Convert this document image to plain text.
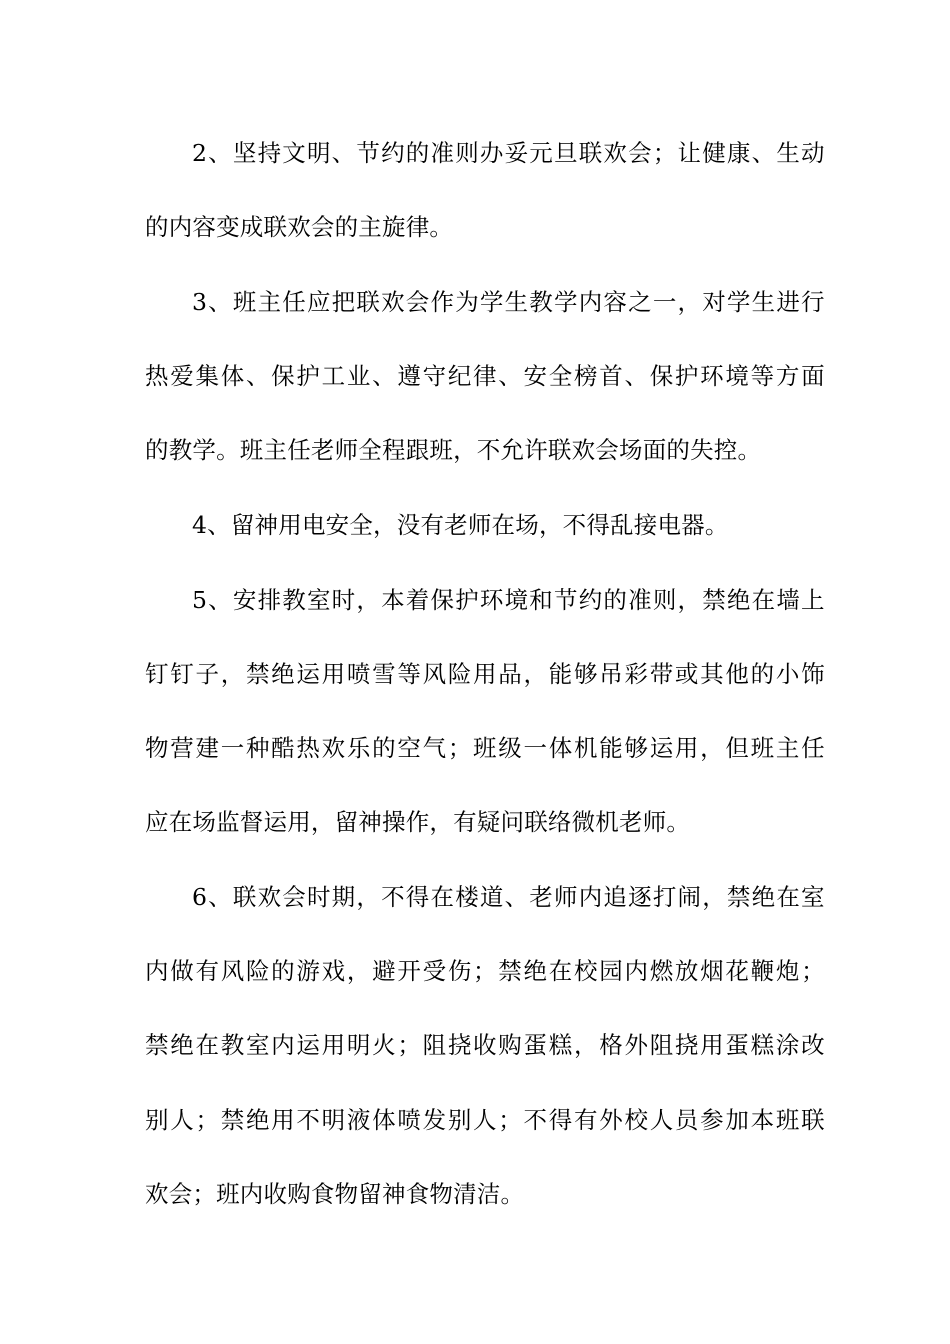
2 、 坚 持 文 明 、 节 约 的 准 则 办 妥 元 旦 联 欢 会 ； 让 健 康 、 生 动
的内容变成联欢会的主旋律。
3 、 班 主 任 应 把 联 欢 会 作 为 学 生 教 学 内 容 之 一 ， 对 学 生 进 行
热 爱 集 体 、 保 护 工 业 、 遵 守 纪 律 、 安 全 榜 首 、 保 护 环 境 等 方 面
的教学。班主任老师全程跟班，不允许联欢会场面的失控。
4、留神用电安全，没有老师在场，不得乱接电器。
5 、 安 排 教 室 时 ， 本 着 保 护 环 境 和 节 约 的 准 则 ， 禁 绝 在 墙 上
钉 钉 子 ， 禁 绝 运 用 喷 雪 等 风 险 用 品 ， 能 够 吊 彩 带 或 其 他 的 小 饰
物 营 建 一 种 酷 热 欢 乐 的 空 气 ； 班 级 一 体 机 能 够 运 用 ， 但 班 主 任
应在场监督运用，留神操作，有疑问联络微机老师。
6 、 联 欢 会 时 期 ， 不 得 在 楼 道 、 老 师 内 追 逐 打 闹 ， 禁 绝 在 室
内 做 有 风 险 的 游 戏 ， 避 开 受 伤 ； 禁 绝 在 校 园 内 燃 放 烟 花 鞭 炮 ；
禁 绝 在 教 室 内 运 用 明 火 ； 阻 挠 收 购 蛋 糕 ， 格 外 阻 挠 用 蛋 糕 涂 改
别 人 ； 禁 绝 用 不 明 液 体 喷 发 别 人 ； 不 得 有 外 校 人 员 参 加 本 班 联
欢会；班内收购食物留神食物清洁。
